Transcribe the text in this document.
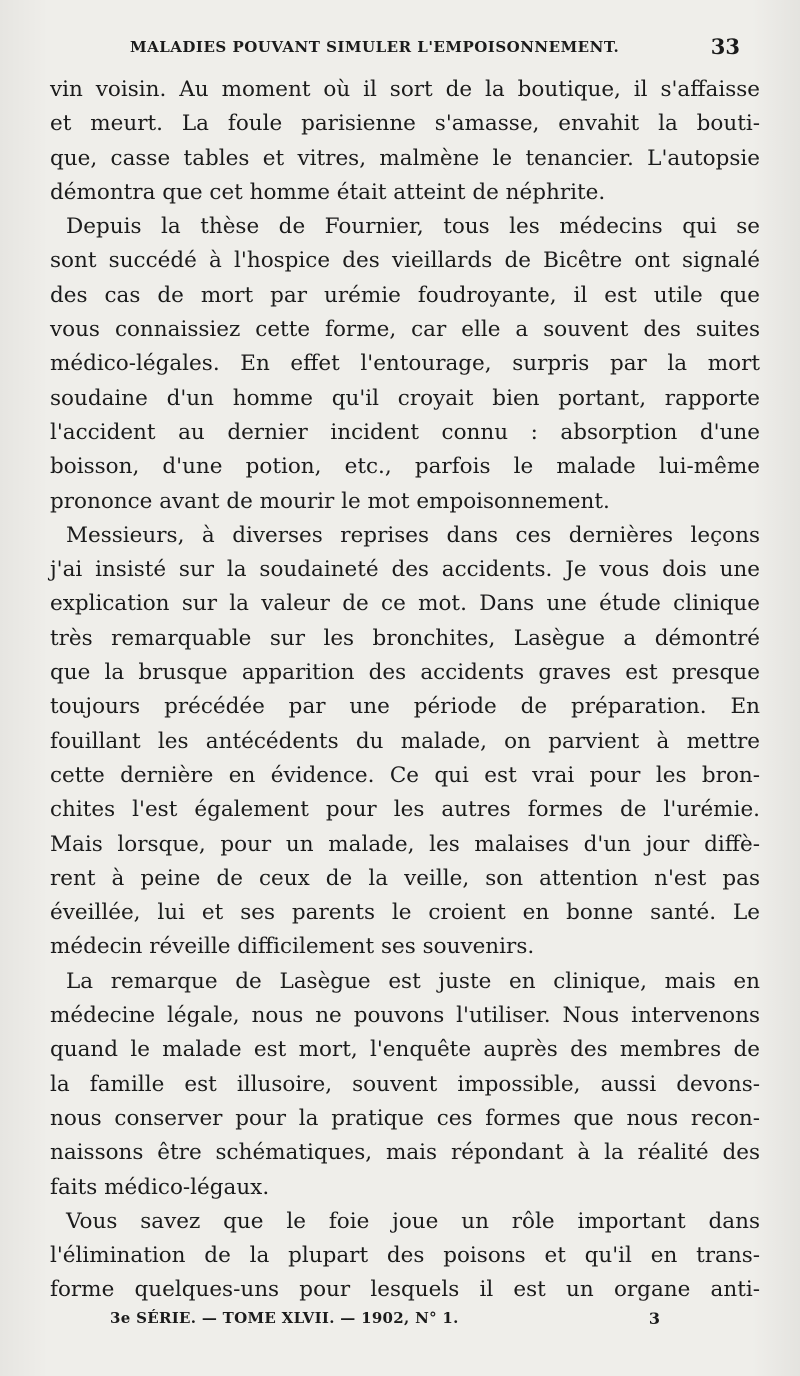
MALADIES POUVANT SIMULER L'EMPOISONNEMENT.	33
vin voisin. Au moment où il sort de la boutique, il s'affaisse
et meurt. La foule parisienne s'amasse, envahit la bouti-
que, casse tables et vitres, malmène le tenancier. L'autopsie
démontra que cet homme était atteint de néphrite.
Depuis la thèse de Fournier, tous les médecins qui se
sont succédé à l'hospice des vieillards de Bicêtre ont signalé
des cas de mort par urémie foudroyante, il est utile que
vous connaissiez cette forme, car elle a souvent des suites
médico-légales. En effet l'entourage, surpris par la mort
soudaine d'un homme qu'il croyait bien portant, rapporte
l'accident au dernier incident connu : absorption d'une
boisson, d'une potion, etc., parfois le malade lui-même
prononce avant de mourir le mot empoisonnement.
Messieurs, à diverses reprises dans ces dernières leçons
j'ai insisté sur la soudaineté des accidents. Je vous dois une
explication sur la valeur de ce mot. Dans une étude clinique
très remarquable sur les bronchites, Lasègue a démontré
que la brusque apparition des accidents graves est presque
toujours précédée par une période de préparation. En
fouillant les antécédents du malade, on parvient à mettre
cette dernière en évidence. Ce qui est vrai pour les bron-
chites l'est également pour les autres formes de l'urémie.
Mais lorsque, pour un malade, les malaises d'un jour diffè-
rent à peine de ceux de la veille, son attention n'est pas
éveillée, lui et ses parents le croient en bonne santé. Le
médecin réveille difficilement ses souvenirs.
La remarque de Lasègue est juste en clinique, mais en
médecine légale, nous ne pouvons l'utiliser. Nous intervenons
quand le malade est mort, l'enquête auprès des membres de
la famille est illusoire, souvent impossible, aussi devons-
nous conserver pour la pratique ces formes que nous recon-
naissons être schématiques, mais répondant à la réalité des
faits médico-légaux.
Vous savez que le foie joue un rôle important dans
l'élimination de la plupart des poisons et qu'il en trans-
forme quelques-uns pour lesquels il est un organe anti-
3e SÉRIE. — TOME XLVII. — 1902, N° 1.	3
